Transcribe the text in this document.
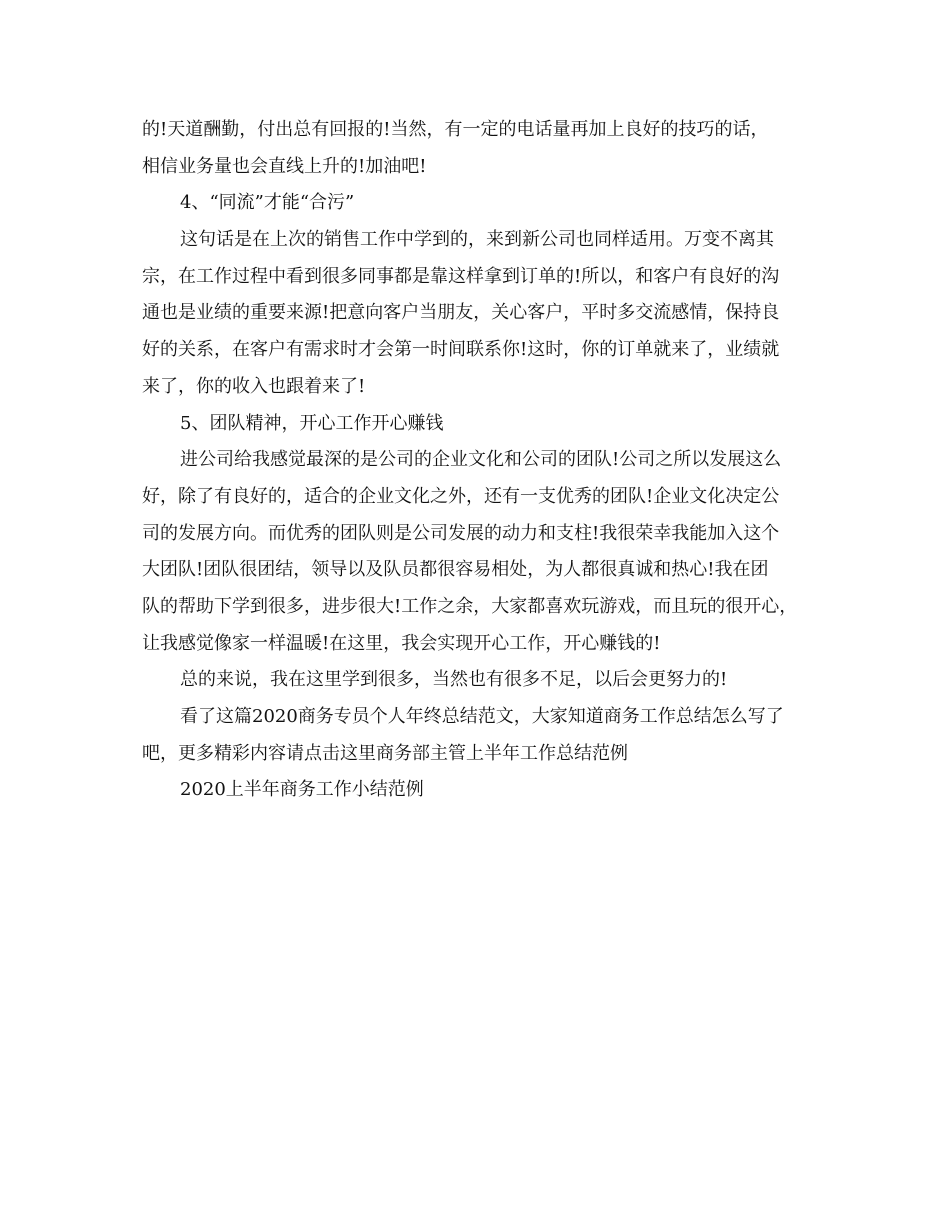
的!天道酬勤，付出总有回报的!当然，有一定的电话量再加上良好的技巧的话，
相信业务量也会直线上升的!加油吧!
4、“同流”才能“合污”
这句话是在上次的销售工作中学到的，来到新公司也同样适用。万变不离其
宗，在工作过程中看到很多同事都是靠这样拿到订单的!所以，和客户有良好的沟
通也是业绩的重要来源!把意向客户当朋友，关心客户，平时多交流感情，保持良
好的关系，在客户有需求时才会第一时间联系你!这时，你的订单就来了，业绩就
来了，你的收入也跟着来了!
5、团队精神，开心工作开心赚钱
进公司给我感觉最深的是公司的企业文化和公司的团队!公司之所以发展这么
好，除了有良好的，适合的企业文化之外，还有一支优秀的团队!企业文化决定公
司的发展方向。而优秀的团队则是公司发展的动力和支柱!我很荣幸我能加入这个
大团队!团队很团结，领导以及队员都很容易相处，为人都很真诚和热心!我在团
队的帮助下学到很多，进步很大!工作之余，大家都喜欢玩游戏，而且玩的很开心，
让我感觉像家一样温暖!在这里，我会实现开心工作，开心赚钱的!
总的来说，我在这里学到很多，当然也有很多不足，以后会更努力的!
看了这篇2020商务专员个人年终总结范文，大家知道商务工作总结怎么写了
吧，更多精彩内容请点击这里商务部主管上半年工作总结范例
2020上半年商务工作小结范例
